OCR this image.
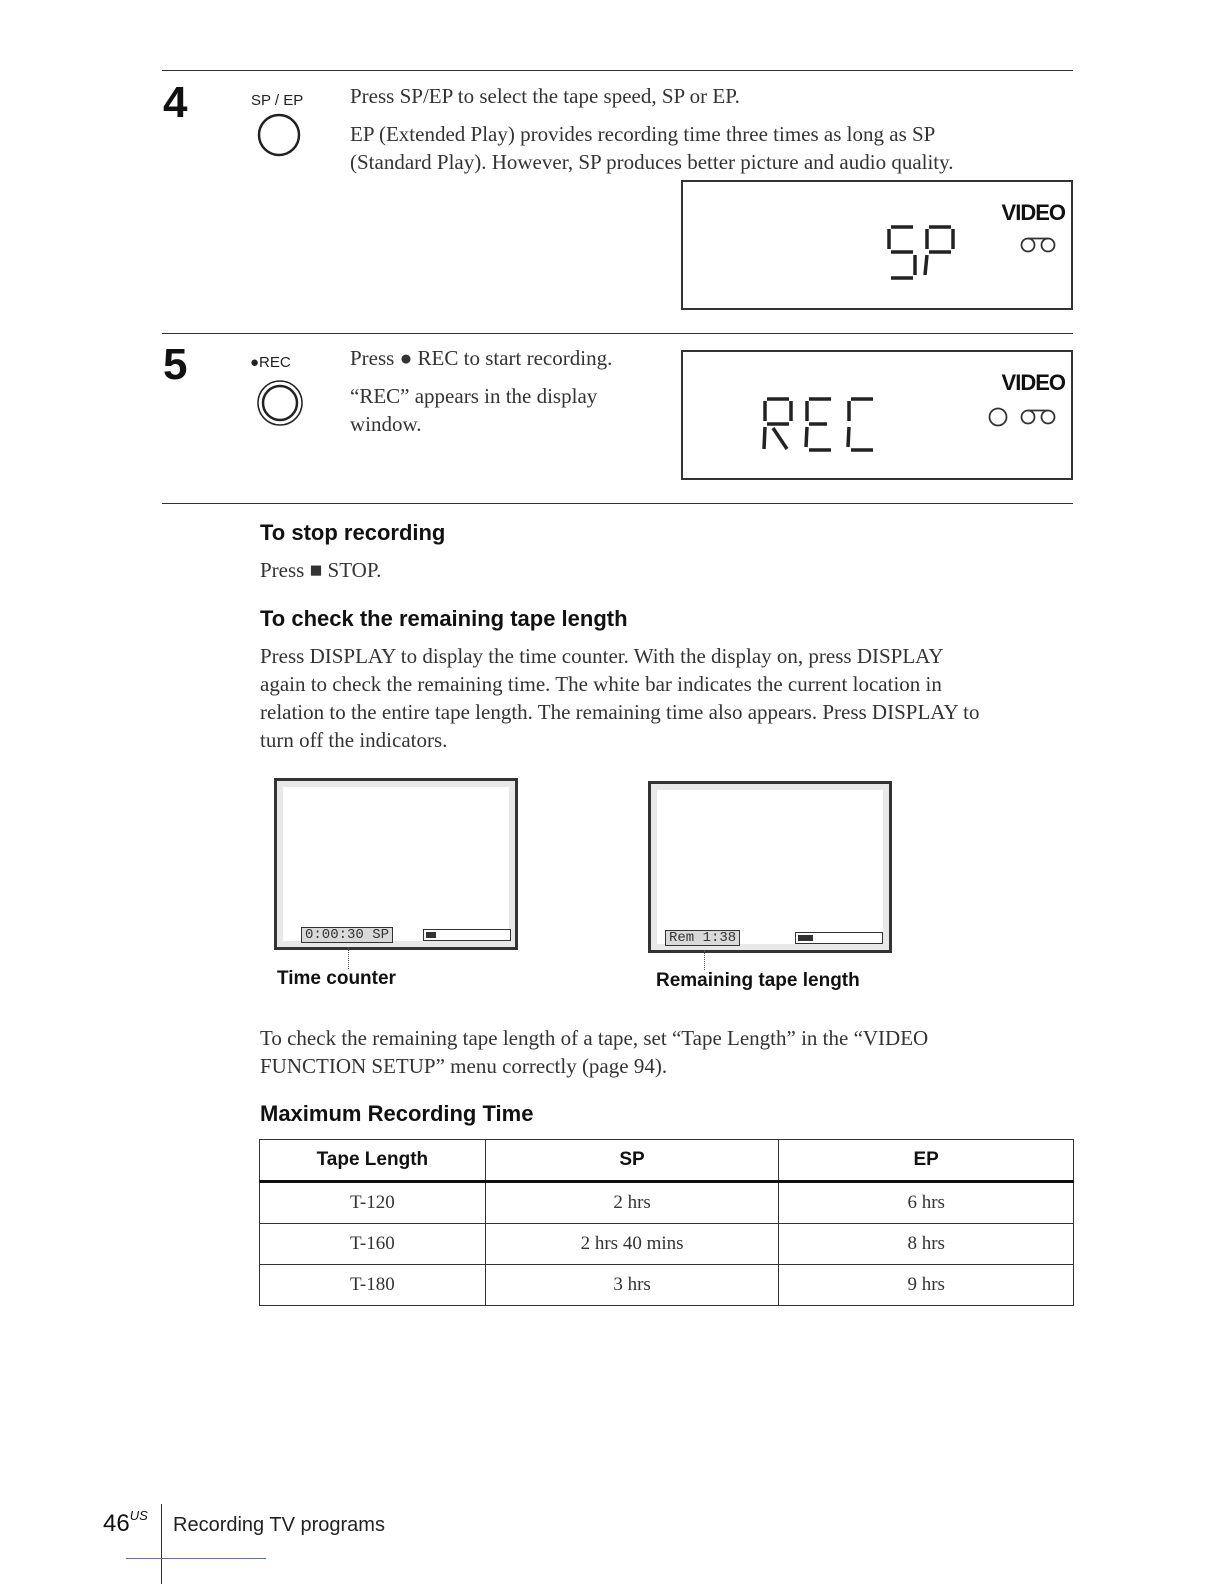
4	SP / EP Press SP/EP to select the tape speed, SP or EP.
EP (Extended Play) provides recording time three times as long as SP
(Standard Play). However, SP produces better picture and audio quality.
VIDEO
5	●REC	Press ● REC to start recording.
“REC” appears in the display
window.
VIDEO
To stop recording
Press ■ STOP.
To check the remaining tape length
Press DISPLAY to display the time counter. With the display on, press DISPLAY
again to check the remaining time. The white bar indicates the current location in
relation to the entire tape length. The remaining time also appears. Press DISPLAY to
turn off the indicators.
0:00:30 SP
Time counter
Rem 1:38
Remaining tape length
To check the remaining tape length of a tape, set “Tape Length” in the “VIDEO
FUNCTION SETUP” menu correctly (page 94).
Maximum Recording Time
Tape Length	SP	EP
T-120	2 hrs	6 hrs
T-160	2 hrs 40 mins	8 hrs
T-180	3 hrs	9 hrs
$46^{US}$ Recording TV programs
